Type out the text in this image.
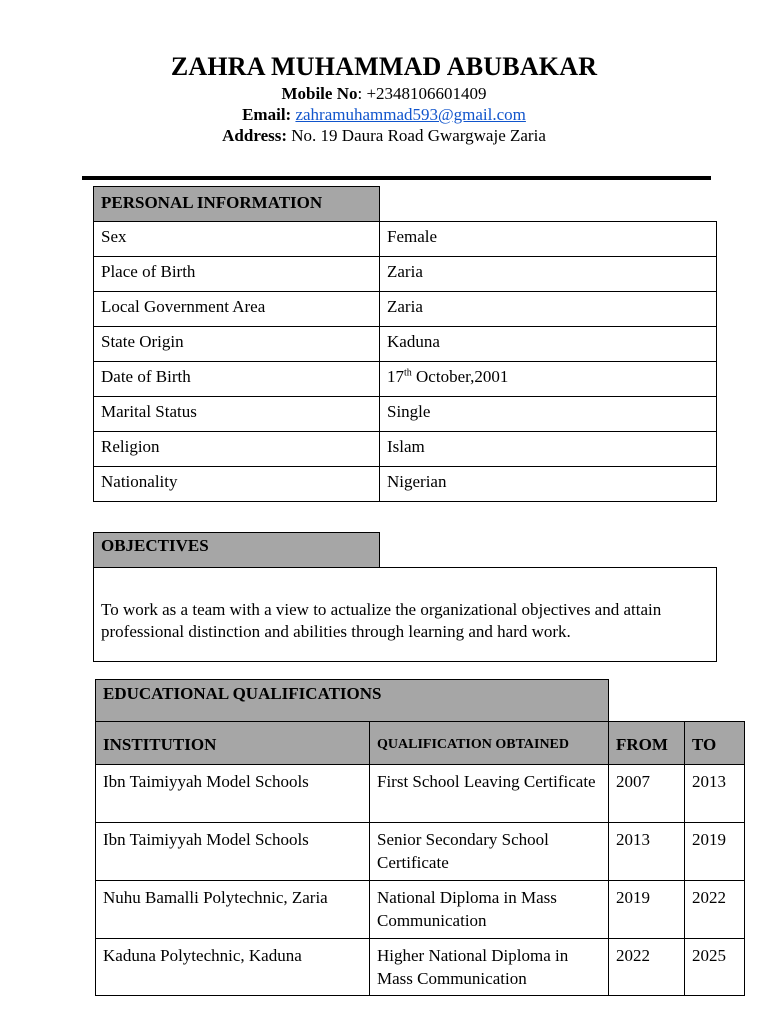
ZAHRA MUHAMMAD ABUBAKAR
Mobile No: +2348106601409
Email: zahramuhammad593@gmail.com
Address: No. 19 Daura Road Gwargwaje Zaria
PERSONAL INFORMATION
Sex	Female
Place of Birth	Zaria
Local Government Area	Zaria
State Origin	Kaduna
Date of Birth	17th October,2001
Marital Status	Single
Religion	Islam
Nationality	Nigerian
OBJECTIVES
To work as a team with a view to actualize the organizational objectives and attain professional distinction and abilities through learning and hard work.
EDUCATIONAL QUALIFICATIONS
INSTITUTION	QUALIFICATION OBTAINED	FROM	TO
Ibn Taimiyyah Model Schools	First School Leaving Certificate	2007	2013
Ibn Taimiyyah Model Schools	Senior Secondary School Certificate	2013	2019
Nuhu Bamalli Polytechnic, Zaria	National Diploma in Mass Communication	2019	2022
Kaduna Polytechnic, Kaduna	Higher National Diploma in Mass Communication	2022	2025
